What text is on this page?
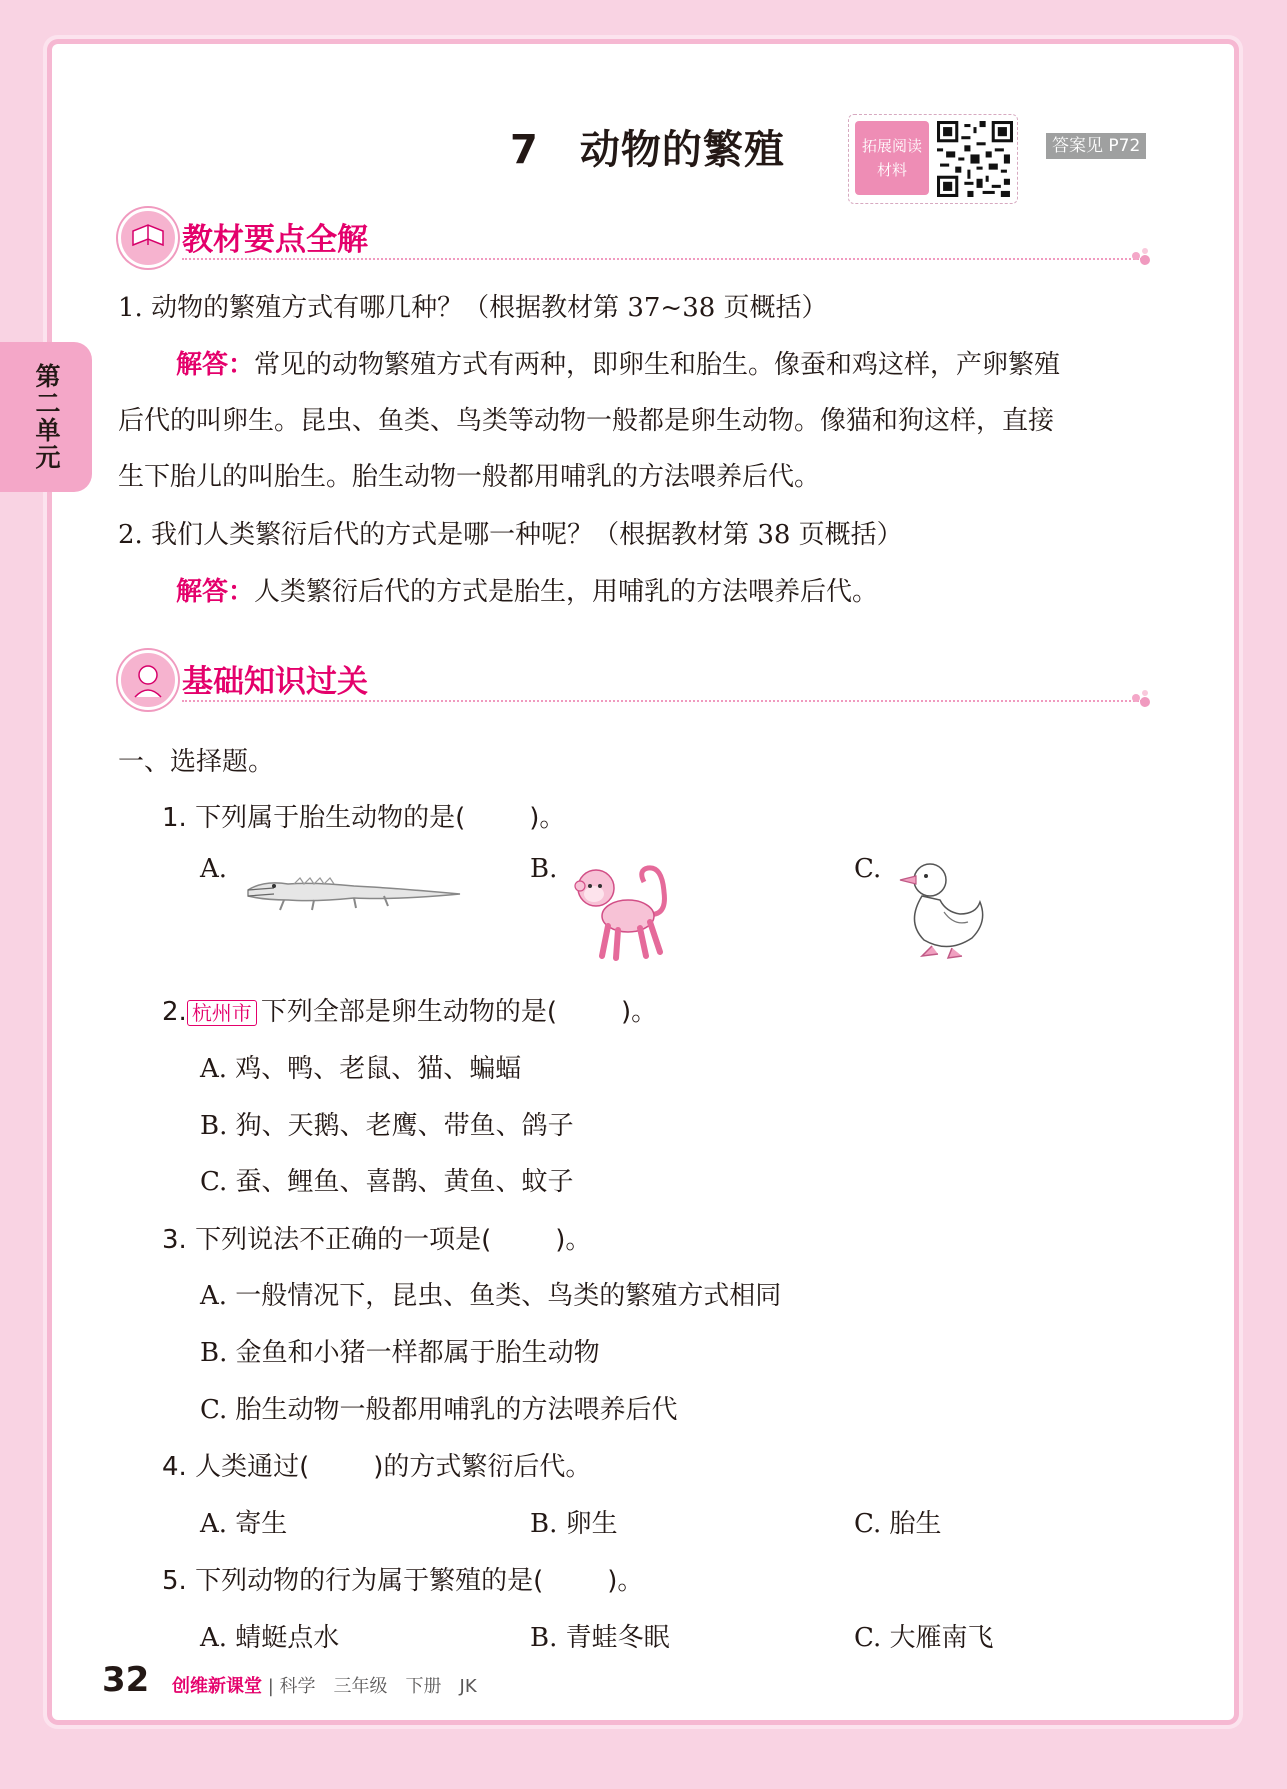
第二单元
7　动物的繁殖	拓展阅读
材料
答案见 P72
教材要点全解
1. 动物的繁殖方式有哪几种？（根据教材第 37~38 页概括）
解答：常见的动物繁殖方式有两种，即卵生和胎生。像蚕和鸡这样，产卵繁殖
后代的叫卵生。昆虫、鱼类、鸟类等动物一般都是卵生动物。像猫和狗这样，直接
生下胎儿的叫胎生。胎生动物一般都用哺乳的方法喂养后代。
2. 我们人类繁衍后代的方式是哪一种呢？（根据教材第 38 页概括）
解答：人类繁衍后代的方式是胎生，用哺乳的方法喂养后代。
基础知识过关
一、选择题。
1. 下列属于胎生动物的是( )。
A.	B.	C.
2. 杭州市 下列全部是卵生动物的是( )。
A. 鸡、鸭、老鼠、猫、蝙蝠
B. 狗、天鹅、老鹰、带鱼、鸽子
C. 蚕、鲤鱼、喜鹊、黄鱼、蚊子
3. 下列说法不正确的一项是( )。
A. 一般情况下，昆虫、鱼类、鸟类的繁殖方式相同
B. 金鱼和小猪一样都属于胎生动物
C. 胎生动物一般都用哺乳的方法喂养后代
4. 人类通过( )的方式繁衍后代。
A. 寄生	B. 卵生	C. 胎生
5. 下列动物的行为属于繁殖的是( )。
A. 蜻蜓点水	B. 青蛙冬眠	C. 大雁南飞
32 创维新课堂 | 科学　三年级　下册　JK
